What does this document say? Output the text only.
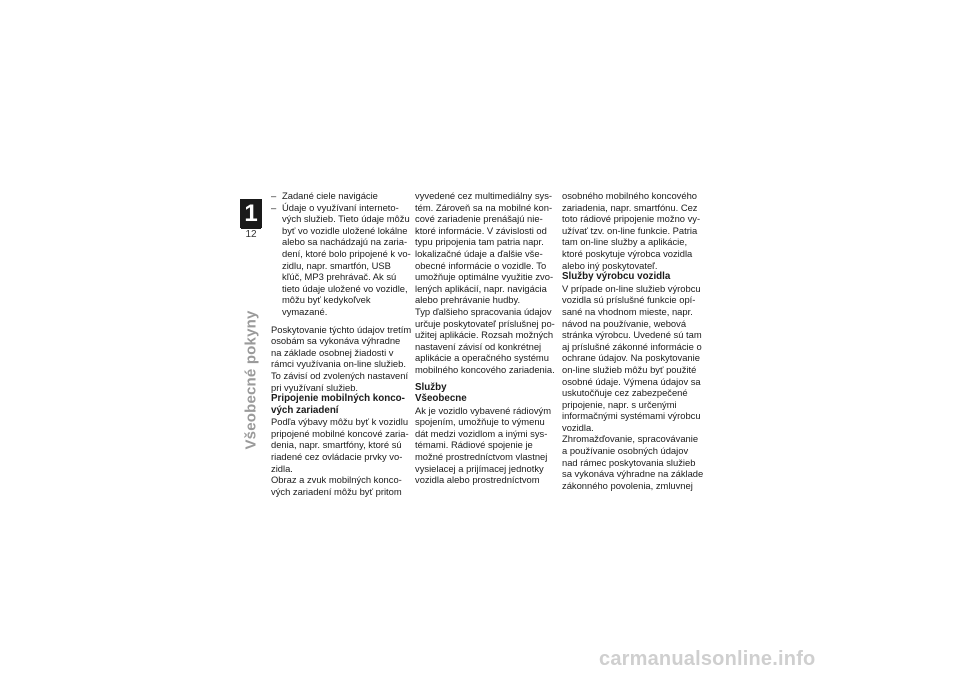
1
12
Všeobecné pokyny
– Zadané ciele navigácie
– Údaje o využívaní internetových služieb. Tieto údaje môžu byť vo vozidle uložené lokálne alebo sa nachádzajú na zariadení, ktoré bolo pripojené k vozidlu, napr. smartfón, USB kľúč, MP3 prehrávač. Ak sú tieto údaje uložené vo vozidle, môžu byť kedykoľvek vymazané.

Poskytovanie týchto údajov tretím osobám sa vykonáva výhradne na základe osobnej žiadosti v rámci využívania on-line služieb. To závisí od zvolených nastavení pri využívaní služieb.

Pripojenie mobilných koncových zariadení

Podľa výbavy môžu byť k vozidlu pripojené mobilné koncové zariadenia, napr. smartfóny, ktoré sú riadené cez ovládacie prvky vozidla.

Obraz a zvuk mobilných koncových zariadení môžu byť pritom

vyvedené cez multimediálny systém. Zároveň sa na mobilné koncové zariadenie prenášajú niektoré informácie. V závislosti od typu pripojenia tam patria napr. lokalizačné údaje a ďalšie všeobecné informácie o vozidle. To umožňuje optimálne využitie zvolených aplikácií, napr. navigácia alebo prehrávanie hudby.

Typ ďalšieho spracovania údajov určuje poskytovateľ príslušnej použitej aplikácie. Rozsah možných nastavení závisí od konkrétnej aplikácie a operačného systému mobilného koncového zariadenia.

Služby

Všeobecne

Ak je vozidlo vybavené rádiovým spojením, umožňuje to výmenu dát medzi vozidlom a inými systémami. Rádiové spojenie je možné prostredníctvom vlastnej vysielacej a prijímacej jednotky vozidla alebo prostredníctvom

osobného mobilného koncového zariadenia, napr. smartfónu. Cez toto rádiové pripojenie možno využívať tzv. on-line funkcie. Patria tam on-line služby a aplikácie, ktoré poskytuje výrobca vozidla alebo iný poskytovateľ.

Služby výrobcu vozidla

V prípade on-line služieb výrobcu vozidla sú príslušné funkcie opísané na vhodnom mieste, napr. návod na používanie, webová stránka výrobcu. Uvedené sú tam aj príslušné zákonné informácie o ochrane údajov. Na poskytovanie on-line služieb môžu byť použité osobné údaje. Výmena údajov sa uskutočňuje cez zabezpečené pripojenie, napr. s určenými informačnými systémami výrobcu vozidla.

Zhromažďovanie, spracovávanie a používanie osobných údajov nad rámec poskytovania služieb sa vykonáva výhradne na základe zákonného povolenia, zmluvnej

carmanualsonline.info
